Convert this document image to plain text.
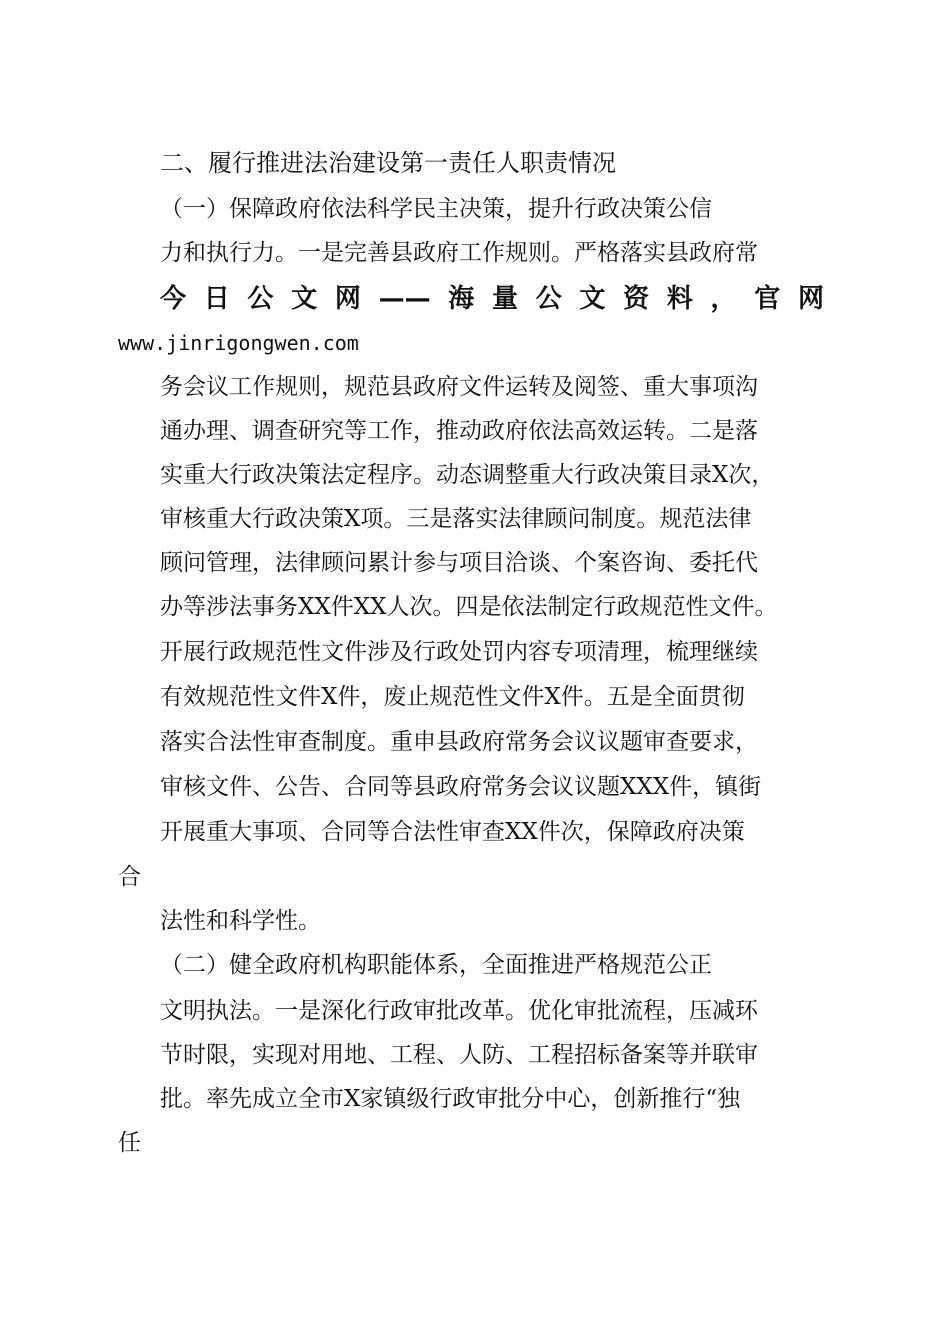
二、履行推进法治建设第一责任人职责情况
（一）保障政府依法科学民主决策，提升行政决策公信
力和执行力。一是完善县政府工作规则。严格落实县政府常
今日公文网——海量公文资料，官网
www.jinrigongwen.com
务会议工作规则，规范县政府文件运转及阅签、重大事项沟
通办理、调查研究等工作，推动政府依法高效运转。二是落
实重大行政决策法定程序。动态调整重大行政决策目录X次，
审核重大行政决策X项。三是落实法律顾问制度。规范法律
顾问管理，法律顾问累计参与项目洽谈、个案咨询、委托代
办等涉法事务XX件XX人次。四是依法制定行政规范性文件。
开展行政规范性文件涉及行政处罚内容专项清理，梳理继续
有效规范性文件X件，废止规范性文件X件。五是全面贯彻
落实合法性审查制度。重申县政府常务会议议题审查要求，
审核文件、公告、合同等县政府常务会议议题XXX件，镇街
开展重大事项、合同等合法性审查XX件次，保障政府决策
合
法性和科学性。
（二）健全政府机构职能体系，全面推进严格规范公正
文明执法。一是深化行政审批改革。优化审批流程，压减环
节时限，实现对用地、工程、人防、工程招标备案等并联审
批。率先成立全市X家镇级行政审批分中心，创新推行“独
任
